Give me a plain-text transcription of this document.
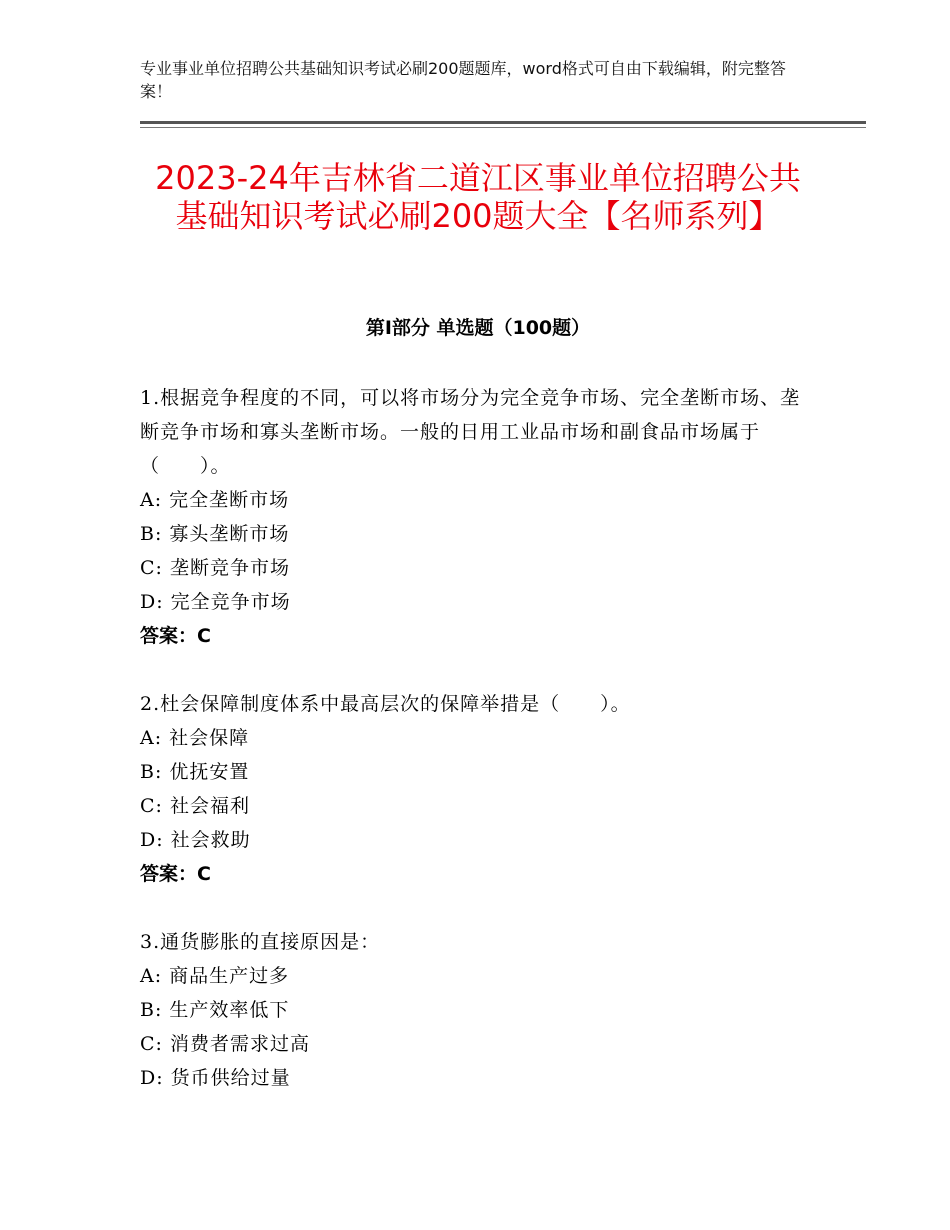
专业事业单位招聘公共基础知识考试必刷200题题库，word格式可自由下载编辑，附完整答案！
2023-24年吉林省二道江区事业单位招聘公共基础知识考试必刷200题大全【名师系列】
第Ⅰ部分 单选题（100题）
1.根据竞争程度的不同，可以将市场分为完全竞争市场、完全垄断市场、垄断竞争市场和寡头垄断市场。一般的日用工业品市场和副食品市场属于（　　）。
A: 完全垄断市场
B: 寡头垄断市场
C: 垄断竞争市场
D: 完全竞争市场
答案：C
2.杜会保障制度体系中最高层次的保障举措是（　　）。
A: 社会保障
B: 优抚安置
C: 社会福利
D: 社会救助
答案：C
3.通货膨胀的直接原因是：
A: 商品生产过多
B: 生产效率低下
C: 消费者需求过高
D: 货币供给过量
